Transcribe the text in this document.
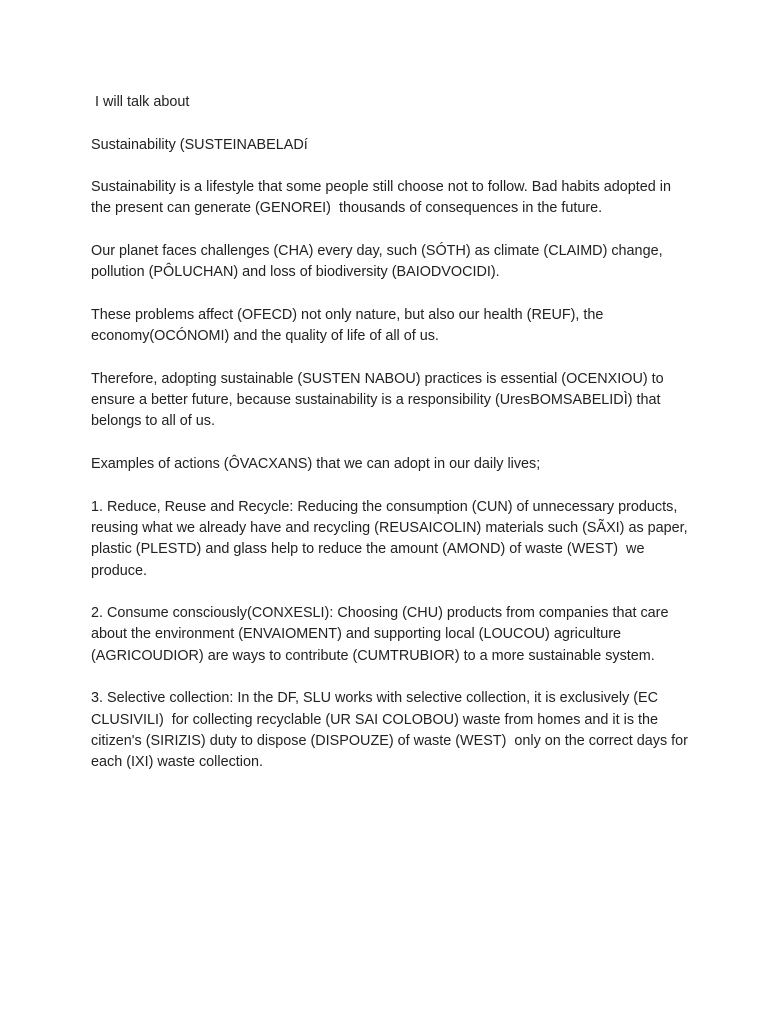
I will talk about

Sustainability (SUSTEINABELADí

Sustainability is a lifestyle that some people still choose not to follow. Bad habits adopted in the present can generate (GENOREI)  thousands of consequences in the future.

Our planet faces challenges (CHA) every day, such (SÓTH) as climate (CLAIMD) change, pollution (PÔLUCHAN) and loss of biodiversity (BAIODVOCIDI).

These problems affect (OFECD) not only nature, but also our health (REUF), the economy(OCÓNOMI) and the quality of life of all of us.

Therefore, adopting sustainable (SUSTEN NABOU) practices is essential (OCENXIOU) to ensure a better future, because sustainability is a responsibility (UresBOMSABELIDÌ) that belongs to all of us.

Examples of actions (ÔVACXANS) that we can adopt in our daily lives;

1. Reduce, Reuse and Recycle: Reducing the consumption (CUN) of unnecessary products, reusing what we already have and recycling (REUSAICOLIN) materials such (SÃXI) as paper, plastic (PLESTD) and glass help to reduce the amount (AMOND) of waste (WEST)  we produce.

2. Consume consciously(CONXESLI): Choosing (CHU) products from companies that care about the environment (ENVAIOMENT) and supporting local (LOUCOU) agriculture (AGRICOUDIOR) are ways to contribute (CUMTRUBIOR) to a more sustainable system.

3. Selective collection: In the DF, SLU works with selective collection, it is exclusively (EC CLUSIVILI)  for collecting recyclable (UR SAI COLOBOU) waste from homes and it is the citizen's (SIRIZIS) duty to dispose (DISPOUZE) of waste (WEST)  only on the correct days for each (IXI) waste collection.
